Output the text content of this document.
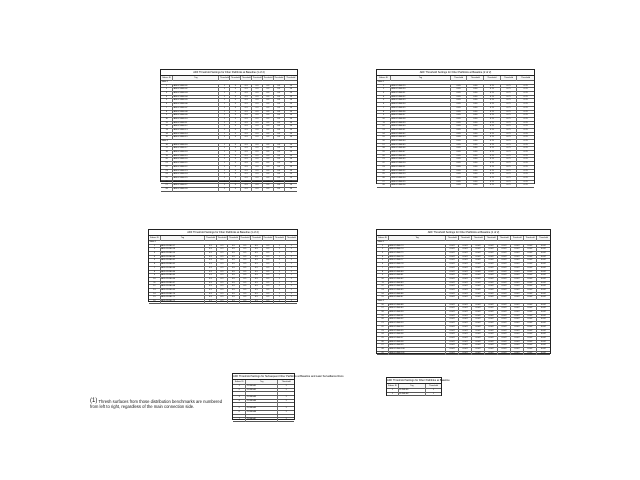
ADF Threshold Settings for Fiber Pathlinks at Baseline (1 of 2)
Subscr ID	Tag	Threshold Threshold Threshold Threshold Threshold Threshold	Threshold
Table 1
1	ADF-PLINK-01	1	3	0.3	0.3	0.3	0.3	10
2	ADF-PLINK-02	1	3	0.3	0.3	0.3	0.3	10
3	ADF-PLINK-03	1	3	0.3	0.3	0.3	0.3	10
4	ADF-PLINK-04	1	3	0.3	0.3	0.3	0.3	10
5	ADF-PLINK-05	1	3	0.3	0.3	0.3	0.3	10
6	ADF-PLINK-06	1	3	0.3	0.3	0.3	0.3	10
7	ADF-PLINK-07	1	3	0.3	0.3	0.3	0.3	10
8	ADF-PLINK-08	1	3	0.3	0.3	0.3	0.3	10
9	ADF-PLINK-09	1	3	0.3	0.3	0.3	0.3	10
10	ADF-PLINK-10	1	3	0.3	0.3	0.3	0.3	10
11	ADF-PLINK-11	1	3	0.3	0.3	0.3	0.3	10
12	ADF-PLINK-12	1	3	0.3	0.3	0.3	0.3	10
13	ADF-PLINK-13	1	3	0.3	0.3	0.3	0.3	10
14	ADF-PLINK-14	1	3	0.3	0.3	0.3	0.3	10
15	ADF-PLINK-15	1	3	0.3	0.3	0.3	0.3	10
Table 2
16	ADF-PLINK-16	1	3	0.3	0.3	0.3	0.3	10
17	ADF-PLINK-17	1	3	0.3	0.3	0.3	0.3	10
18	ADF-PLINK-18	1	3	0.3	0.3	0.3	0.3	10
19	ADF-PLINK-19	1	3	0.3	0.3	0.3	0.3	10
20	ADF-PLINK-20	1	3	0.3	0.3	0.3	0.3	10
21	ADF-PLINK-21	1	3	0.3	0.3	0.3	0.3	10
22	ADF-PLINK-22	1	3	0.3	0.3	0.3	0.3	10
23	ADF-PLINK-23	1	3	0.3	0.3	0.3	0.3	10
24	ADF-PLINK-24	1	3	0.3	0.3	0.3	0.3	10
25	ADF-PLINK-25	1	3	0.3	0.3	0.3	0.3	10
26	ADF-PLINK-26	1	3	0.3	0.3	0.3	0.3	10
27	ADF-PLINK-27	1	3	0.3	0.3	0.3	0.3	10
28	ADF-PLINK-28	1	3	0.3	0.3	0.3	0.3	10
ADF Threshold Settings for Fiber Pathlinks at Baseline (2 of 2)
Subscr ID	Tag	Threshold	Threshold	Threshold	Threshold	Threshold
Table 1
1	ADF-PLINK-29	0.85	0.90	0.75	0.75	0.70
2	ADF-PLINK-30	0.85	0.90	0.75	0.75	0.70
3	ADF-PLINK-31	0.85	0.90	0.75	0.75	0.70
4	ADF-PLINK-32	0.85	0.90	0.75	0.75	0.70
5	ADF-PLINK-33	0.85	0.90	0.75	0.75	0.70
6	ADF-PLINK-34	0.85	0.90	0.75	0.75	0.70
7	ADF-PLINK-35	0.85	0.90	0.75	0.75	0.70
8	ADF-PLINK-36	0.85	0.90	0.75	0.75	0.70
9	ADF-PLINK-37	0.85	0.90	0.75	0.75	0.70
10	ADF-PLINK-38	0.85	0.90	0.75	0.75	0.70
11	ADF-PLINK-39	0.85	0.90	0.75	0.75	0.70
12	ADF-PLINK-40	0.85	0.90	0.75	0.75	0.70
13	ADF-PLINK-41	0.85	0.90	0.75	0.75	0.70
14	ADF-PLINK-42	0.85	0.90	0.75	0.75	0.70
15	ADF-PLINK-43	0.85	0.90	0.75	0.75	0.70
16	ADF-PLINK-44	0.85	0.90	0.75	0.75	0.70
17	ADF-PLINK-45	0.85	0.90	0.75	0.75	0.70
18	ADF-PLINK-46	0.85	0.90	0.75	0.75	0.70
19	ADF-PLINK-47	0.85	0.90	0.75	0.75	0.70
20	ADF-PLINK-48	0.85	0.90	0.75	0.75	0.70
21	ADF-PLINK-49	0.85	0.90	0.75	0.75	0.70
22	ADF-PLINK-50	0.85	0.90	0.75	0.75	0.70
23	ADF-PLINK-51	0.85	0.90	0.75	0.75	0.70
24	ADF-PLINK-52	0.85	0.90	0.75	0.75	0.70
25	ADF-PLINK-53	0.85	0.90	0.75	0.75	0.70
26	ADF-PLINK-54	0.85	0.90	0.75	0.75	0.70
27	ADF-PLINK-55	0.85	0.90	0.75	0.75	0.70
28	ADF-PLINK-56	0.85	0.90	0.75	0.75	0.70
ADF Threshold Settings for Fiber Pathlinks at Baseline (1 of 2)
Subscr ID	Tag	Threshold	Threshold	Threshold	Threshold	Threshold	Threshold	Threshold	Threshold
Table 1
1	ADF-PLINK-57	0.5	0.5	0.5	0.5	0.5	0.5	1	1
2	ADF-PLINK-58	0.5	0.5	0.5	0.5	0.5	0.5	1	1
3	ADF-PLINK-59	0.5	0.5	0.5	0.5	0.5	0.5	1	1
4	ADF-PLINK-60	0.5	0.5	0.5	0.5	0.5	0.5	1	1
5	ADF-PLINK-61	0.5	0.5	0.5	0.5	0.5	0.5	1	1
6	ADF-PLINK-62	0.5	0.5	0.5	0.5	0.5	0.5	1	1
7	ADF-PLINK-63	0.5	0.5	0.5	0.5	0.5	0.5	1	1
8	ADF-PLINK-64	0.5	0.5	0.5	0.5	0.5	0.5	1	1
9	ADF-PLINK-65	0.5	0.5	0.5	0.5	0.5	0.5	1	1
10	ADF-PLINK-66	0.5	0.5	0.5	0.5	0.5	0.5	1	1
11	ADF-PLINK-67	0.5	0.5	0.5	0.5	0.5	0.5	1	1
12	ADF-PLINK-68	0.5	0.5	0.5	0.5	0.5	0.5	1	1
13	ADF-PLINK-69	0.5	0.5	0.5	0.5	0.5	0.5	1	1
14	ADF-PLINK-70	0.5	0.5	0.5	0.5	0.5	0.5	1	1
15	ADF-PLINK-71	0.5	0.5	0.5	0.5	0.5	0.5	1	1
16	ADF-PLINK-72	0.5	0.5	0.5	0.5	0.5	0.5	1	1
ADF Threshold Settings for Fiber Pathlinks at Baseline (1 of 2)
Subscr ID	Tag	Threshold	Threshold	Threshold	Threshold	Threshold	Threshold	Threshold	Threshold
Table 1
1	ADF-PLINK-73	0.047	0.047	0.047	0.047	0.047	0.047	0.047	0.047
2	ADF-PLINK-74	0.047	0.047	0.047	0.047	0.047	0.047	0.047	0.047
3	ADF-PLINK-75	0.047	0.047	0.047	0.047	0.047	0.047	0.047	0.047
4	ADF-PLINK-76	0.047	0.047	0.047	0.047	0.047	0.047	0.047	0.047
5	ADF-PLINK-77	0.047	0.047	0.047	0.047	0.047	0.047	0.047	0.047
6	ADF-PLINK-78	0.047	0.047	0.047	0.047	0.047	0.047	0.047	0.047
7	ADF-PLINK-79	0.047	0.047	0.047	0.047	0.047	0.047	0.047	0.047
8	ADF-PLINK-80	0.047	0.047	0.047	0.047	0.047	0.047	0.047	0.047
9	ADF-PLINK-81	0.047	0.047	0.047	0.047	0.047	0.047	0.047	0.047
10	ADF-PLINK-82	0.047	0.047	0.047	0.047	0.047	0.047	0.047	0.047
11	ADF-PLINK-83	0.047	0.047	0.047	0.047	0.047	0.047	0.047	0.047
12	ADF-PLINK-84	0.047	0.047	0.047	0.047	0.047	0.047	0.047	0.047
13	ADF-PLINK-85	0.047	0.047	0.047	0.047	0.047	0.047	0.047	0.047
14	ADF-PLINK-86	0.047	0.047	0.047	0.047	0.047	0.047	0.047	0.047
15	ADF-PLINK-87	0.047	0.047	0.047	0.047	0.047	0.047	0.047	0.047
Table 2
16	ADF-PLINK-88	0.047	0.047	0.047	0.047	0.047	0.047	0.047	0.047
17	ADF-PLINK-89	0.047	0.047	0.047	0.047	0.047	0.047	0.047	0.047
18	ADF-PLINK-90	0.047	0.047	0.047	0.047	0.047	0.047	0.047	0.047
19	ADF-PLINK-91	0.047	0.047	0.047	0.047	0.047	0.047	0.047	0.047
20	ADF-PLINK-92	0.047	0.047	0.047	0.047	0.047	0.047	0.047	0.047
21	ADF-PLINK-93	0.047	0.047	0.047	0.047	0.047	0.047	0.047	0.047
22	ADF-PLINK-94	0.047	0.047	0.047	0.047	0.047	0.047	0.047	0.047
23	ADF-PLINK-95	0.047	0.047	0.047	0.047	0.047	0.047	0.047	0.047
24	ADF-PLINK-96	0.047	0.047	0.047	0.047	0.047	0.047	0.047	0.047
25	ADF-PLINK-97	0.047	0.047	0.047	0.047	0.047	0.047	0.047	0.047
26	ADF-PLINK-98	0.047	0.047	0.047	0.047	0.047	0.047	0.047	0.047
27	ADF-PLINK-99	0.047	0.047	0.047	0.047	0.047	0.047	0.047	0.047
28	ADF-PLINK-100	0.047	0.047	0.047	0.047	0.047	0.047	0.047	0.047
29	ADF-PLINK-101	0.047	0.047	0.047	0.047	0.047	0.047	0.047	0.047
ADF Threshold Settings for Subsequent Fiber Pathlinks at Baseline and Later Surveillance Runs
Subscr ID	Tag	Threshold
1	PLINK-A1	1
2	PLINK-A2	1
3	PLINK-A3	1
4	PLINK-A4	1
5	PLINK-A5	1
6	PLINK-A6	1
7	PLINK-A7	1
ADF Threshold Settings for Fiber Pathlinks at Baseline
Subscr ID	Tag	Threshold
1	PLINK-B1	1
2	PLINK-B2	1
(1) Thresh surfaces from those distribution benchmarks are numbered from left to right, regardless of the main connection side.
